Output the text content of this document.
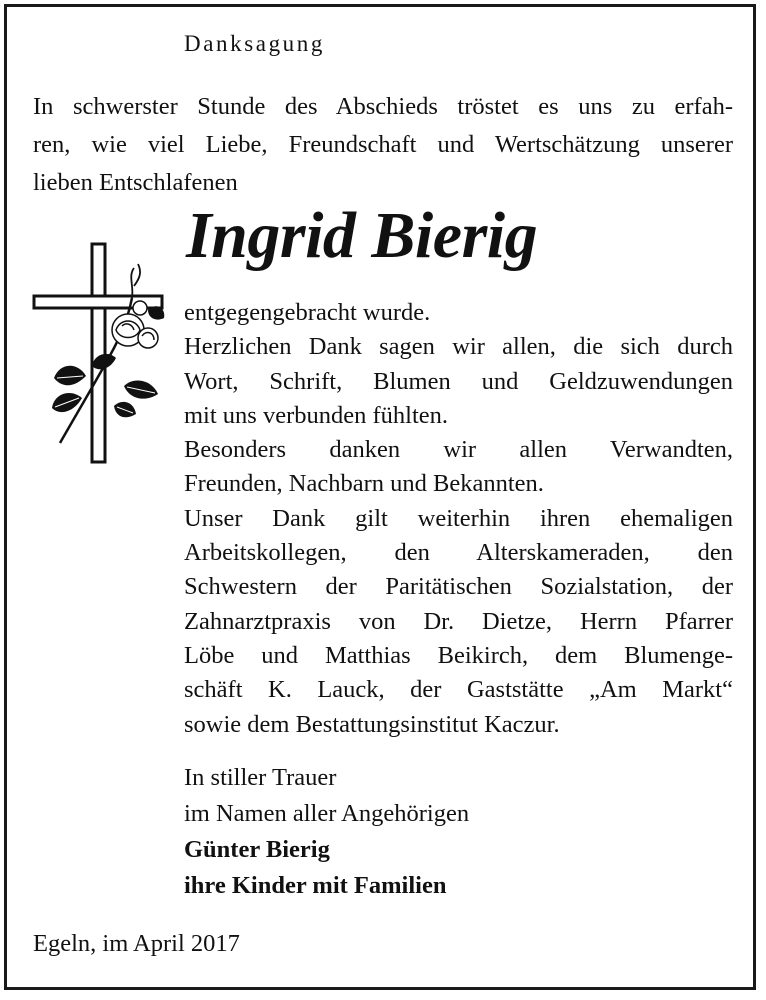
Danksagung
In schwerster Stunde des Abschieds tröstet es uns zu erfah-
ren, wie viel Liebe, Freundschaft und Wertschätzung unserer
lieben Entschlafenen
Ingrid Bierig
entgegengebracht wurde.
Herzlichen Dank sagen wir allen, die sich durch
Wort, Schrift, Blumen und Geldzuwendungen
mit uns verbunden fühlten.
Besonders danken wir allen Verwandten,
Freunden, Nachbarn und Bekannten.
Unser Dank gilt weiterhin ihren ehemaligen
Arbeitskollegen, den Alterskameraden, den
Schwestern der Paritätischen Sozialstation, der
Zahnarztpraxis von Dr. Dietze, Herrn Pfarrer
Löbe und Matthias Beikirch, dem Blumenge-
schäft K. Lauck, der Gaststätte „Am Markt“
sowie dem Bestattungsinstitut Kaczur.
In stiller Trauer
im Namen aller Angehörigen
Günter Bierig
ihre Kinder mit Familien
Egeln, im April 2017
